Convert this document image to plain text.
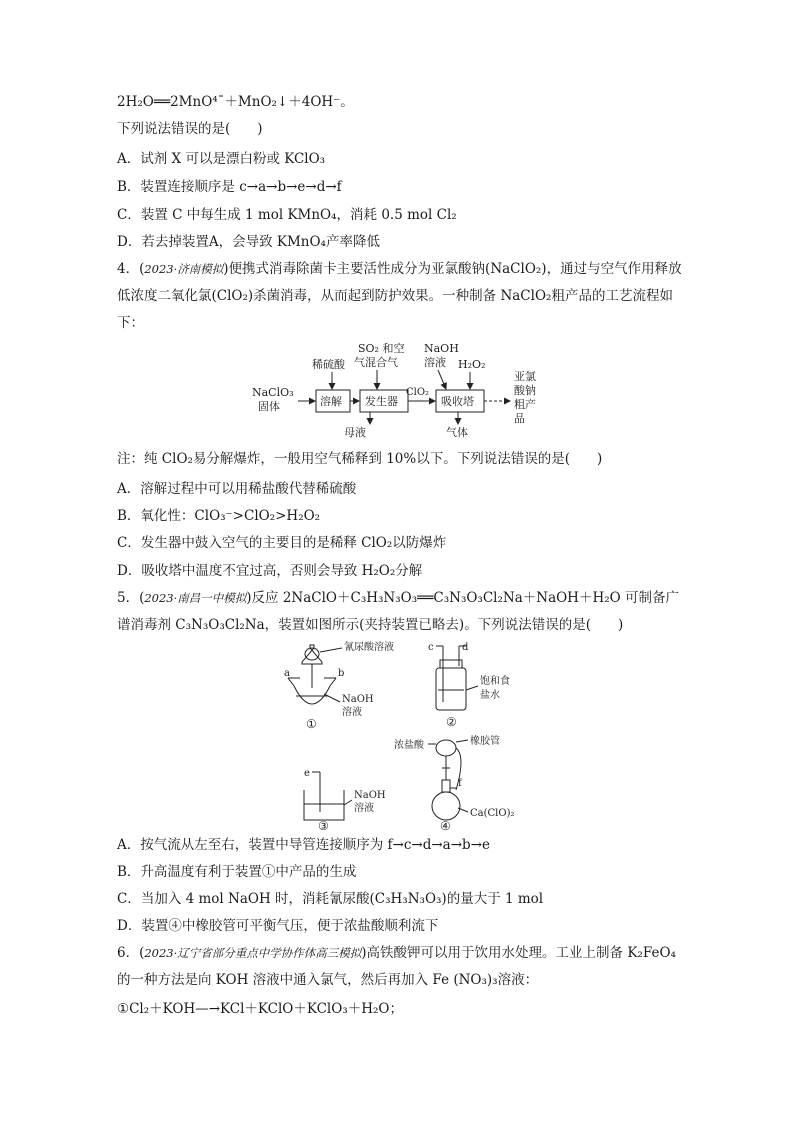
2H₂O══2MnO⁴ˉ＋MnO₂↓＋4OH⁻。
下列说法错误的是(　　)
A．试剂 X 可以是漂白粉或 KClO₃
B．装置连接顺序是 c→a→b→e→d→f
C．装置 C 中每生成 1 mol KMnO₄，消耗 0.5 mol Cl₂
D．若去掉装置A，会导致 KMnO₄产率降低
4．(2023·济南模拟)便携式消毒除菌卡主要活性成分为亚氯酸钠(NaClO₂)，通过与空气作用释放低浓度二氧化氯(ClO₂)杀菌消毒，从而起到防护效果。一种制备 NaClO₂粗产品的工艺流程如下：
NaClO₃
固体
稀硫酸
SO₂ 和空
气混合气
NaOH
溶液 H₂O₂
ClO₂
母液	气体
亚氯
酸钠
粗产
品
溶解 发生器	吸收塔
注：纯 ClO₂易分解爆炸，一般用空气稀释到 10%以下。下列说法错误的是(　　)
A．溶解过程中可以用稀盐酸代替稀硫酸
B．氧化性：ClO₃⁻>ClO₂>H₂O₂
C．发生器中鼓入空气的主要目的是稀释 ClO₂以防爆炸
D．吸收塔中温度不宜过高，否则会导致 H₂O₂分解
5．(2023·南昌一中模拟)反应 2NaClO＋C₃H₃N₃O₃══C₃N₃O₃Cl₂Na＋NaOH＋H₂O 可制备广谱消毒剂 C₃N₃O₃Cl₂Na，装置如图所示(夹持装置已略去)。下列说法错误的是(　　)
氰尿酸溶液
a	b
NaOH
溶液
①
c	d
饱和食
盐水
②
e
NaOH
溶液
③
浓盐酸	橡胶管
f
Ca(ClO)₂
④
A．按气流从左至右，装置中导管连接顺序为 f→c→d→a→b→e
B．升高温度有利于装置①中产品的生成
C．当加入 4 mol NaOH 时，消耗氰尿酸(C₃H₃N₃O₃)的量大于 1 mol
D．装置④中橡胶管可平衡气压，便于浓盐酸顺利流下
6．(2023·辽宁省部分重点中学协作体高三模拟)高铁酸钾可以用于饮用水处理。工业上制备 K₂FeO₄的一种方法是向 KOH 溶液中通入氯气，然后再加入 Fe (NO₃)₃溶液：
①Cl₂＋KOH—→KCl＋KClO＋KClO₃＋H₂O；
